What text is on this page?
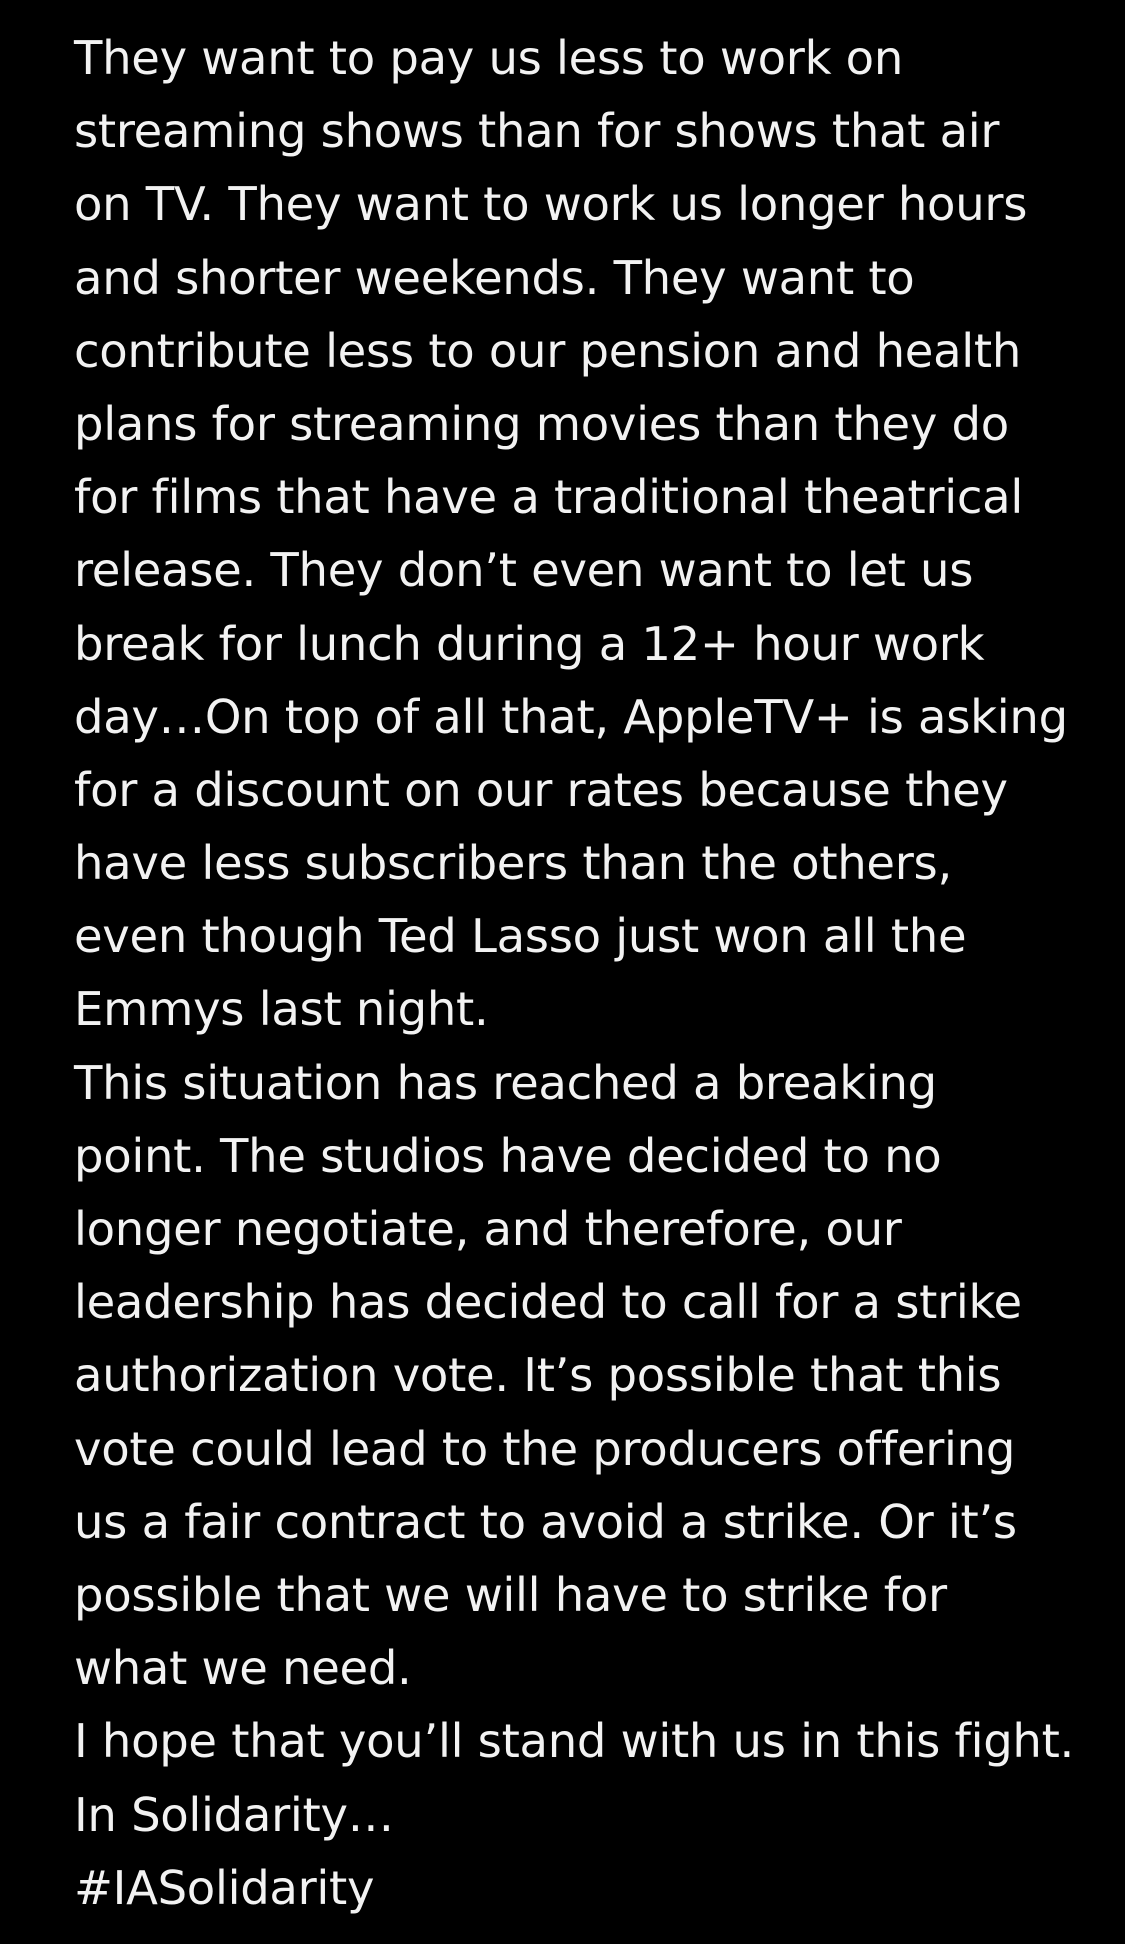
They want to pay us less to work on
streaming shows than for shows that air
on TV. They want to work us longer hours
and shorter weekends. They want to
contribute less to our pension and health
plans for streaming movies than they do
for films that have a traditional theatrical
release. They don’t even want to let us
break for lunch during a 12+ hour work
day…On top of all that, AppleTV+ is asking
for a discount on our rates because they
have less subscribers than the others,
even though Ted Lasso just won all the
Emmys last night.
This situation has reached a breaking
point. The studios have decided to no
longer negotiate, and therefore, our
leadership has decided to call for a strike
authorization vote. It’s possible that this
vote could lead to the producers offering
us a fair contract to avoid a strike. Or it’s
possible that we will have to strike for
what we need.
I hope that you’ll stand with us in this fight.
In Solidarity…
#IASolidarity
